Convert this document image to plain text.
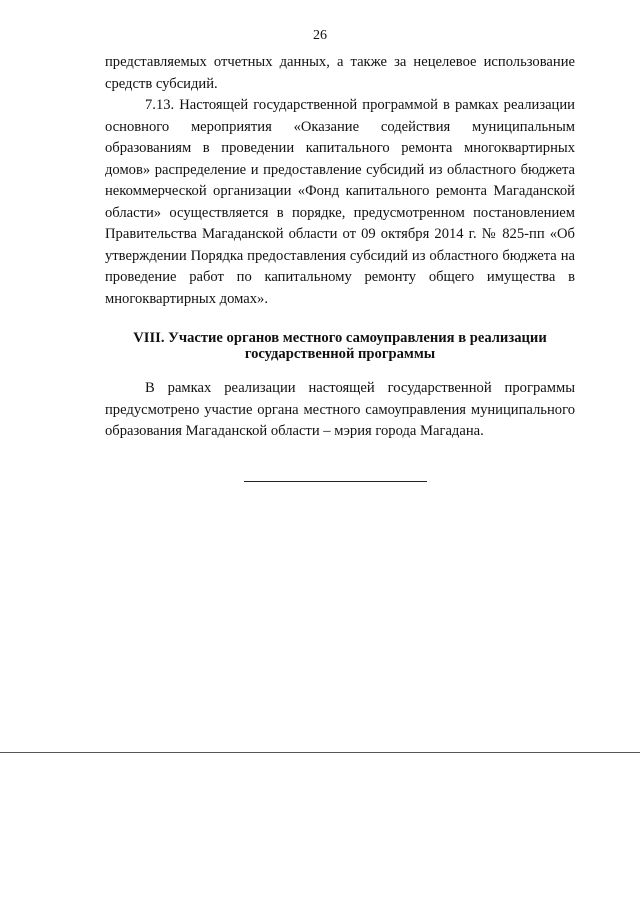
26

представляемых отчетных данных, а также за нецелевое использование средств субсидий.

7.13. Настоящей государственной программой в рамках реализации основного мероприятия «Оказание содействия муниципальным образованиям в проведении капитального ремонта многоквартирных домов» распределение и предоставление субсидий из областного бюджета некоммерческой организации «Фонд капитального ремонта Магаданской области» осуществляется в порядке, предусмотренном постановлением Правительства Магаданской области от 09 октября 2014 г. № 825-пп «Об утверждении Порядка предоставления субсидий из областного бюджета на проведение работ по капитальному ремонту общего имущества в многоквартирных домах».

VIII. Участие органов местного самоуправления в реализации
государственной программы

В рамках реализации настоящей государственной программы предусмотрено участие органа местного самоуправления муниципального образования Магаданской области – мэрия города Магадана.
